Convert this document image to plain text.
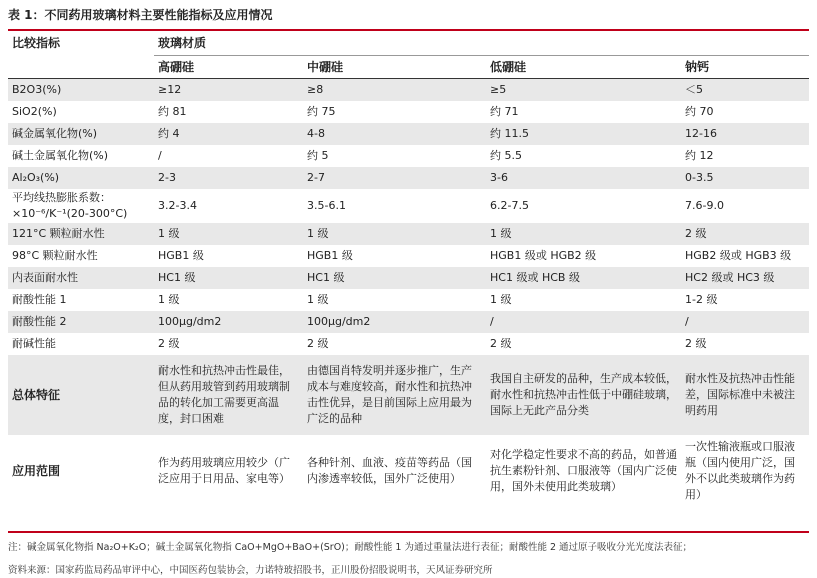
表 1：不同药用玻璃材料主要性能指标及应用情况
比较指标	玻璃材质			
	高硼硅	中硼硅	低硼硅	钠钙
B2O3(%)	≥12	≥8	≥5	＜5
SiO2(%)	约 81	约 75	约 71	约 70
碱金属氧化物(%)	约 4	4-8	约 11.5	12-16
碱土金属氧化物(%)	/	约 5	约 5.5	约 12
Al₂O₃(%)	2-3	2-7	3-6	0-3.5
平均线热膨胀系数：×10⁻⁶/K⁻¹(20-300°C)	3.2-3.4	3.5-6.1	6.2-7.5	7.6-9.0
121°C 颗粒耐水性	1 级	1 级	1 级	2 级
98°C 颗粒耐水性	HGB1 级	HGB1 级	HGB1 级或 HGB2 级	HGB2 级或 HGB3 级
内表面耐水性	HC1 级	HC1 级	HC1 级或 HCB 级	HC2 级或 HC3 级
耐酸性能 1	1 级	1 级	1 级	1-2 级
耐酸性能 2	100μg/dm2	100μg/dm2	/	/
耐碱性能	2 级	2 级	2 级	2 级
总体特征	耐水性和抗热冲击性最佳，但从药用玻管到药用玻璃制品的转化加工需要更高温度，封口困难	由德国肖特发明并逐步推广，生产成本与难度较高，耐水性和抗热冲击性优异，是目前国际上应用最为广泛的品种	我国自主研发的品种，生产成本较低，耐水性和抗热冲击性低于中硼硅玻璃，国际上无此产品分类	耐水性及抗热冲击性能差，国际标准中未被注明药用
应用范围	作为药用玻璃应用较少（广泛应用于日用品、家电等）	各种针剂、血液、疫苗等药品（国内渗透率较低，国外广泛使用）	对化学稳定性要求不高的药品，如普通抗生素粉针剂、口服液等（国内广泛使用，国外未使用此类玻璃）	一次性输液瓶或口服液瓶（国内使用广泛，国外不以此类玻璃作为药用）
注：碱金属氧化物指 Na₂O+K₂O；碱土金属氧化物指 CaO+MgO+BaO+(SrO)；耐酸性能 1 为通过重量法进行表征；耐酸性能 2 通过原子吸收分光光度法表征；
资料来源：国家药监局药品审评中心，中国医药包装协会，力诺特玻招股书，正川股份招股说明书，天风证券研究所
